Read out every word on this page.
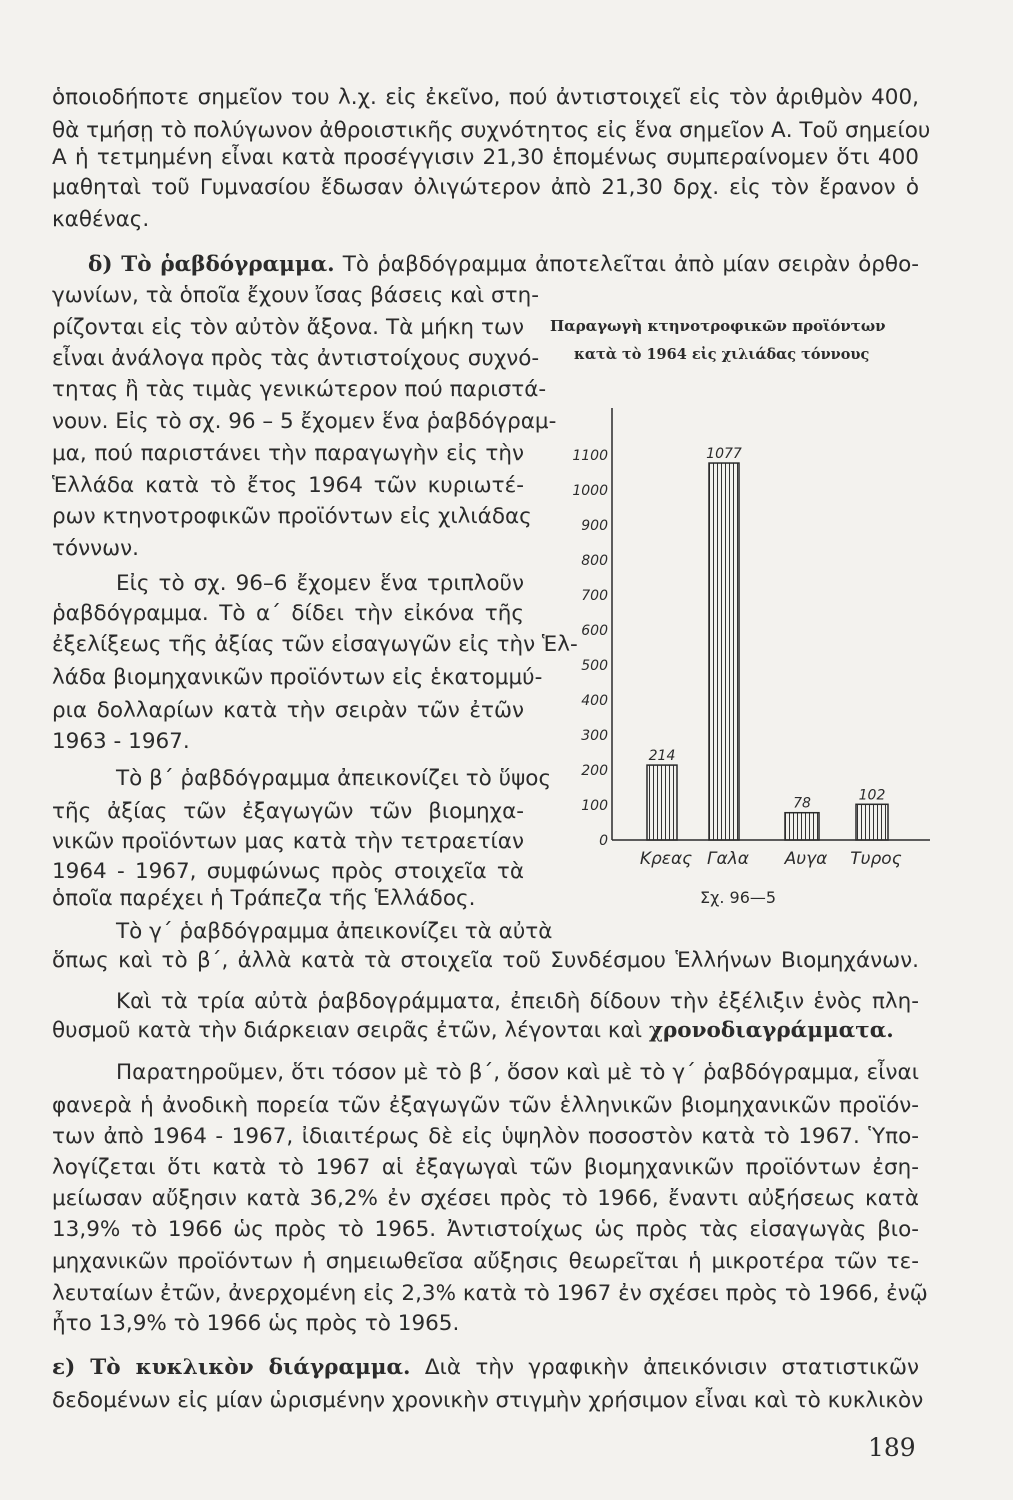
ὁποιοδήποτε σημεῖον του λ.χ. εἰς ἐκεῖνο, πού ἀντιστοιχεῖ εἰς τὸν ἀριθμὸν 400,

θὰ τμήσῃ τὸ πολύγωνον ἀθροιστικῆς συχνότητος εἰς ἕνα σημεῖον Α. Τοῦ σημείου

Α ἡ τετμημένη εἶναι κατὰ προσέγγισιν 21,30 ἑπομένως συμπεραίνομεν ὅτι 400

μαθηταὶ τοῦ Γυμνασίου ἔδωσαν ὀλιγώτερον ἀπὸ 21,30 δρχ. εἰς τὸν ἔρανον ὁ

καθένας.

δ) Τὸ ῥαβδόγραμμα. Τὸ ῥαβδόγραμμα ἀποτελεῖται ἀπὸ μίαν σειρὰν ὀρθο-

γωνίων, τὰ ὁποῖα ἔχουν ἴσας βάσεις καὶ στη-

ρίζονται εἰς τὸν αὐτὸν ἄξονα. Τὰ μήκη των

εἶναι ἀνάλογα πρὸς τὰς ἀντιστοίχους συχνό-

τητας ἢ τὰς τιμὰς γενικώτερον πού παριστά-

νουν. Εἰς τὸ σχ. 96 – 5 ἔχομεν ἕνα ῥαβδόγραμ-

μα, πού παριστάνει τὴν παραγωγὴν εἰς τὴν

Ἑλλάδα κατὰ τὸ ἔτος 1964 τῶν κυριωτέ-

ρων κτηνοτροφικῶν προϊόντων εἰς χιλιάδας

τόννων.

Εἰς τὸ σχ. 96–6 ἔχομεν ἕνα τριπλοῦν

ῥαβδόγραμμα. Τὸ α΄ δίδει τὴν εἰκόνα τῆς

ἐξελίξεως τῆς ἀξίας τῶν εἰσαγωγῶν εἰς τὴν Ἑλ-

λάδα βιομηχανικῶν προϊόντων εἰς ἑκατομμύ-

ρια δολλαρίων κατὰ τὴν σειρὰν τῶν ἐτῶν

1963 - 1967.

Τὸ β΄ ῥαβδόγραμμα ἀπεικονίζει τὸ ὕψος

τῆς ἀξίας τῶν ἐξαγωγῶν τῶν βιομηχα-

νικῶν προϊόντων μας κατὰ τὴν τετραετίαν

1964 - 1967, συμφώνως πρὸς στοιχεῖα τὰ

ὁποῖα παρέχει ἡ Τράπεζα τῆς Ἑλλάδος.

Τὸ γ΄ ῥαβδόγραμμα ἀπεικονίζει τὰ αὐτὰ

ὅπως καὶ τὸ β΄, ἀλλὰ κατὰ τὰ στοιχεῖα τοῦ Συνδέσμου Ἑλλήνων Βιομηχάνων.

Καὶ τὰ τρία αὐτὰ ῥαβδογράμματα, ἐπειδὴ δίδουν τὴν ἐξέλιξιν ἑνὸς πλη-

θυσμοῦ κατὰ τὴν διάρκειαν σειρᾶς ἐτῶν, λέγονται καὶ χρονοδιαγράμματα.

Παρατηροῦμεν, ὅτι τόσον μὲ τὸ β΄, ὅσον καὶ μὲ τὸ γ΄ ῥαβδόγραμμα, εἶναι

φανερὰ ἡ ἀνοδικὴ πορεία τῶν ἐξαγωγῶν τῶν ἑλληνικῶν βιομηχανικῶν προϊόν-

των ἀπὸ 1964 - 1967, ἰδιαιτέρως δὲ εἰς ὑψηλὸν ποσοστὸν κατὰ τὸ 1967. Ὑπο-

λογίζεται ὅτι κατὰ τὸ 1967 αἱ ἐξαγωγαὶ τῶν βιομηχανικῶν προϊόντων ἐση-

μείωσαν αὔξησιν κατὰ 36,2% ἐν σχέσει πρὸς τὸ 1966, ἔναντι αὐξήσεως κατὰ

13,9% τὸ 1966 ὡς πρὸς τὸ 1965. Ἀντιστοίχως ὡς πρὸς τὰς εἰσαγωγὰς βιο-

μηχανικῶν προϊόντων ἡ σημειωθεῖσα αὔξησις θεωρεῖται ἡ μικροτέρα τῶν τε-

λευταίων ἐτῶν, ἀνερχομένη εἰς 2,3% κατὰ τὸ 1967 ἐν σχέσει πρὸς τὸ 1966, ἐνῷ

ἦτο 13,9% τὸ 1966 ὡς πρὸς τὸ 1965.

ε) Τὸ κυκλικὸν διάγραμμα. Διὰ τὴν γραφικὴν ἀπεικόνισιν στατιστικῶν

δεδομένων εἰς μίαν ὡρισμένην χρονικὴν στιγμὴν χρήσιμον εἶναι καὶ τὸ κυκλικὸν

189
Παραγωγὴ κτηνοτροφικῶν προϊόντων
κατὰ τὸ 1964 εἰς χιλιάδας τόννους
0
100
200
300
400
500
600
700
800
900
1000
1100
214
1077
78
102
Κρεας Γαλα Αυγα Τυρος
Σχ. 96—5
